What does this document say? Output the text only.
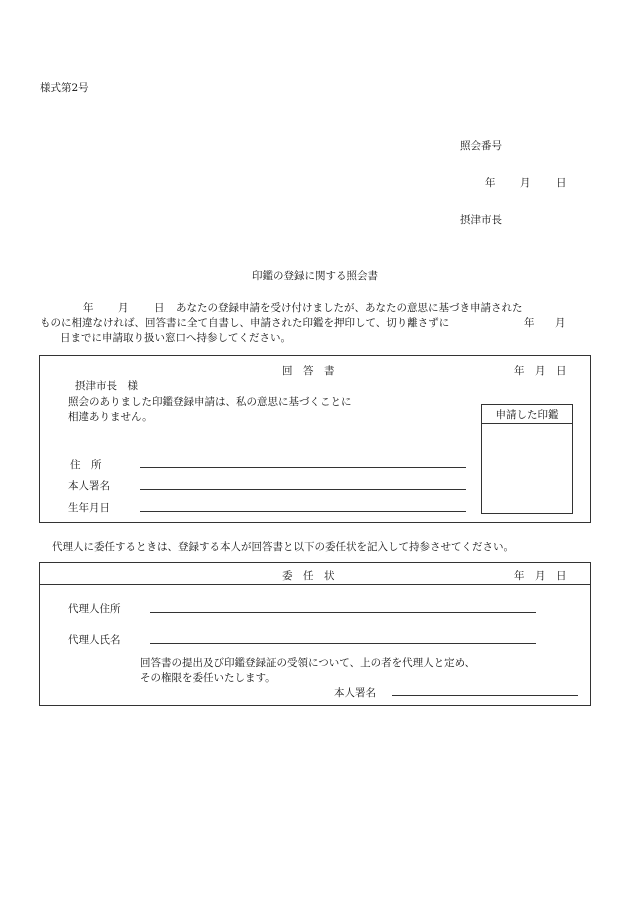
様式第2号
照会番号
年 月 日
摂津市長
印鑑の登録に関する照会書
年 月 日 あなたの登録申請を受け付けましたが、あなたの意思に基づき申請された
ものに相違なければ、回答書に全て自書し、申請された印鑑を押印して、切り離さずに	年 月
日までに申請取り扱い窓口へ持参してください。
回　答　書	年　月　日
摂津市長　様
照会のありました印鑑登録申請は、私の意思に基づくことに
相違ありません。	申請した印鑑
住　所
本人署名
生年月日
代理人に委任するときは、登録する本人が回答書と以下の委任状を記入して持参させてください。
委　任　状	年　月　日
代理人住所
代理人氏名
回答書の提出及び印鑑登録証の受領について、上の者を代理人と定め、
その権限を委任いたします。
本人署名
